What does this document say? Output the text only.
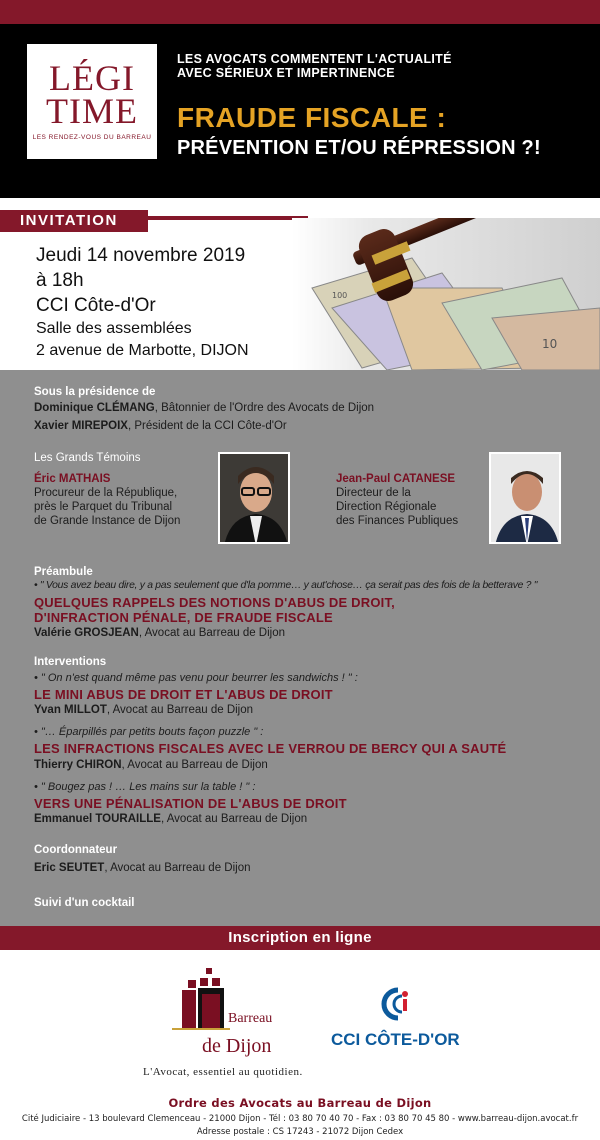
LÉGI
TIME
LES RENDEZ-VOUS DU BARREAU
LES AVOCATS COMMENTENT L'ACTUALITÉ
AVEC SÉRIEUX ET IMPERTINENCE
FRAUDE FISCALE :
PRÉVENTION ET/OU RÉPRESSION ?!
INVITATION
Jeudi 14 novembre 2019
à 18h
CCI Côte-d'Or
Salle des assemblées
2 avenue de Marbotte, DIJON
100
10
Sous la présidence de
Dominique CLÉMANG, Bâtonnier de l'Ordre des Avocats de Dijon
Xavier MIREPOIX, Président de la CCI Côte-d'Or
Les Grands Témoins
Éric MATHAIS
Procureur de la République,
près le Parquet du Tribunal
de Grande Instance de Dijon
Jean-Paul CATANESE
Directeur de la
Direction Régionale
des Finances Publiques
Préambule
• " Vous avez beau dire, y a pas seulement que d'la pomme… y aut'chose… ça serait pas des fois de la betterave ? "
QUELQUES RAPPELS DES NOTIONS D'ABUS DE DROIT,
D'INFRACTION PÉNALE, DE FRAUDE FISCALE
Valérie GROSJEAN, Avocat au Barreau de Dijon
Interventions
• " On n'est quand même pas venu pour beurrer les sandwichs ! " :
LE MINI ABUS DE DROIT ET L'ABUS DE DROIT
Yvan MILLOT, Avocat au Barreau de Dijon
• "… Éparpillés par petits bouts façon puzzle " :
LES INFRACTIONS FISCALES AVEC LE VERROU DE BERCY QUI A SAUTÉ
Thierry CHIRON, Avocat au Barreau de Dijon
• " Bougez pas ! … Les mains sur la table ! " :
VERS UNE PÉNALISATION DE L'ABUS DE DROIT
Emmanuel TOURAILLE, Avocat au Barreau de Dijon
Coordonnateur
Eric SEUTET, Avocat au Barreau de Dijon
Suivi d'un cocktail
Inscription en ligne
Barreau
de Dijon
L'Avocat, essentiel au quotidien.
CCI CÔTE-D'OR
Ordre des Avocats au Barreau de Dijon
Cité Judiciaire - 13 boulevard Clemenceau - 21000 Dijon - Tél : 03 80 70 40 70 - Fax : 03 80 70 45 80 - www.barreau-dijon.avocat.fr
Adresse postale : CS 17243 - 21072 Dijon Cedex
